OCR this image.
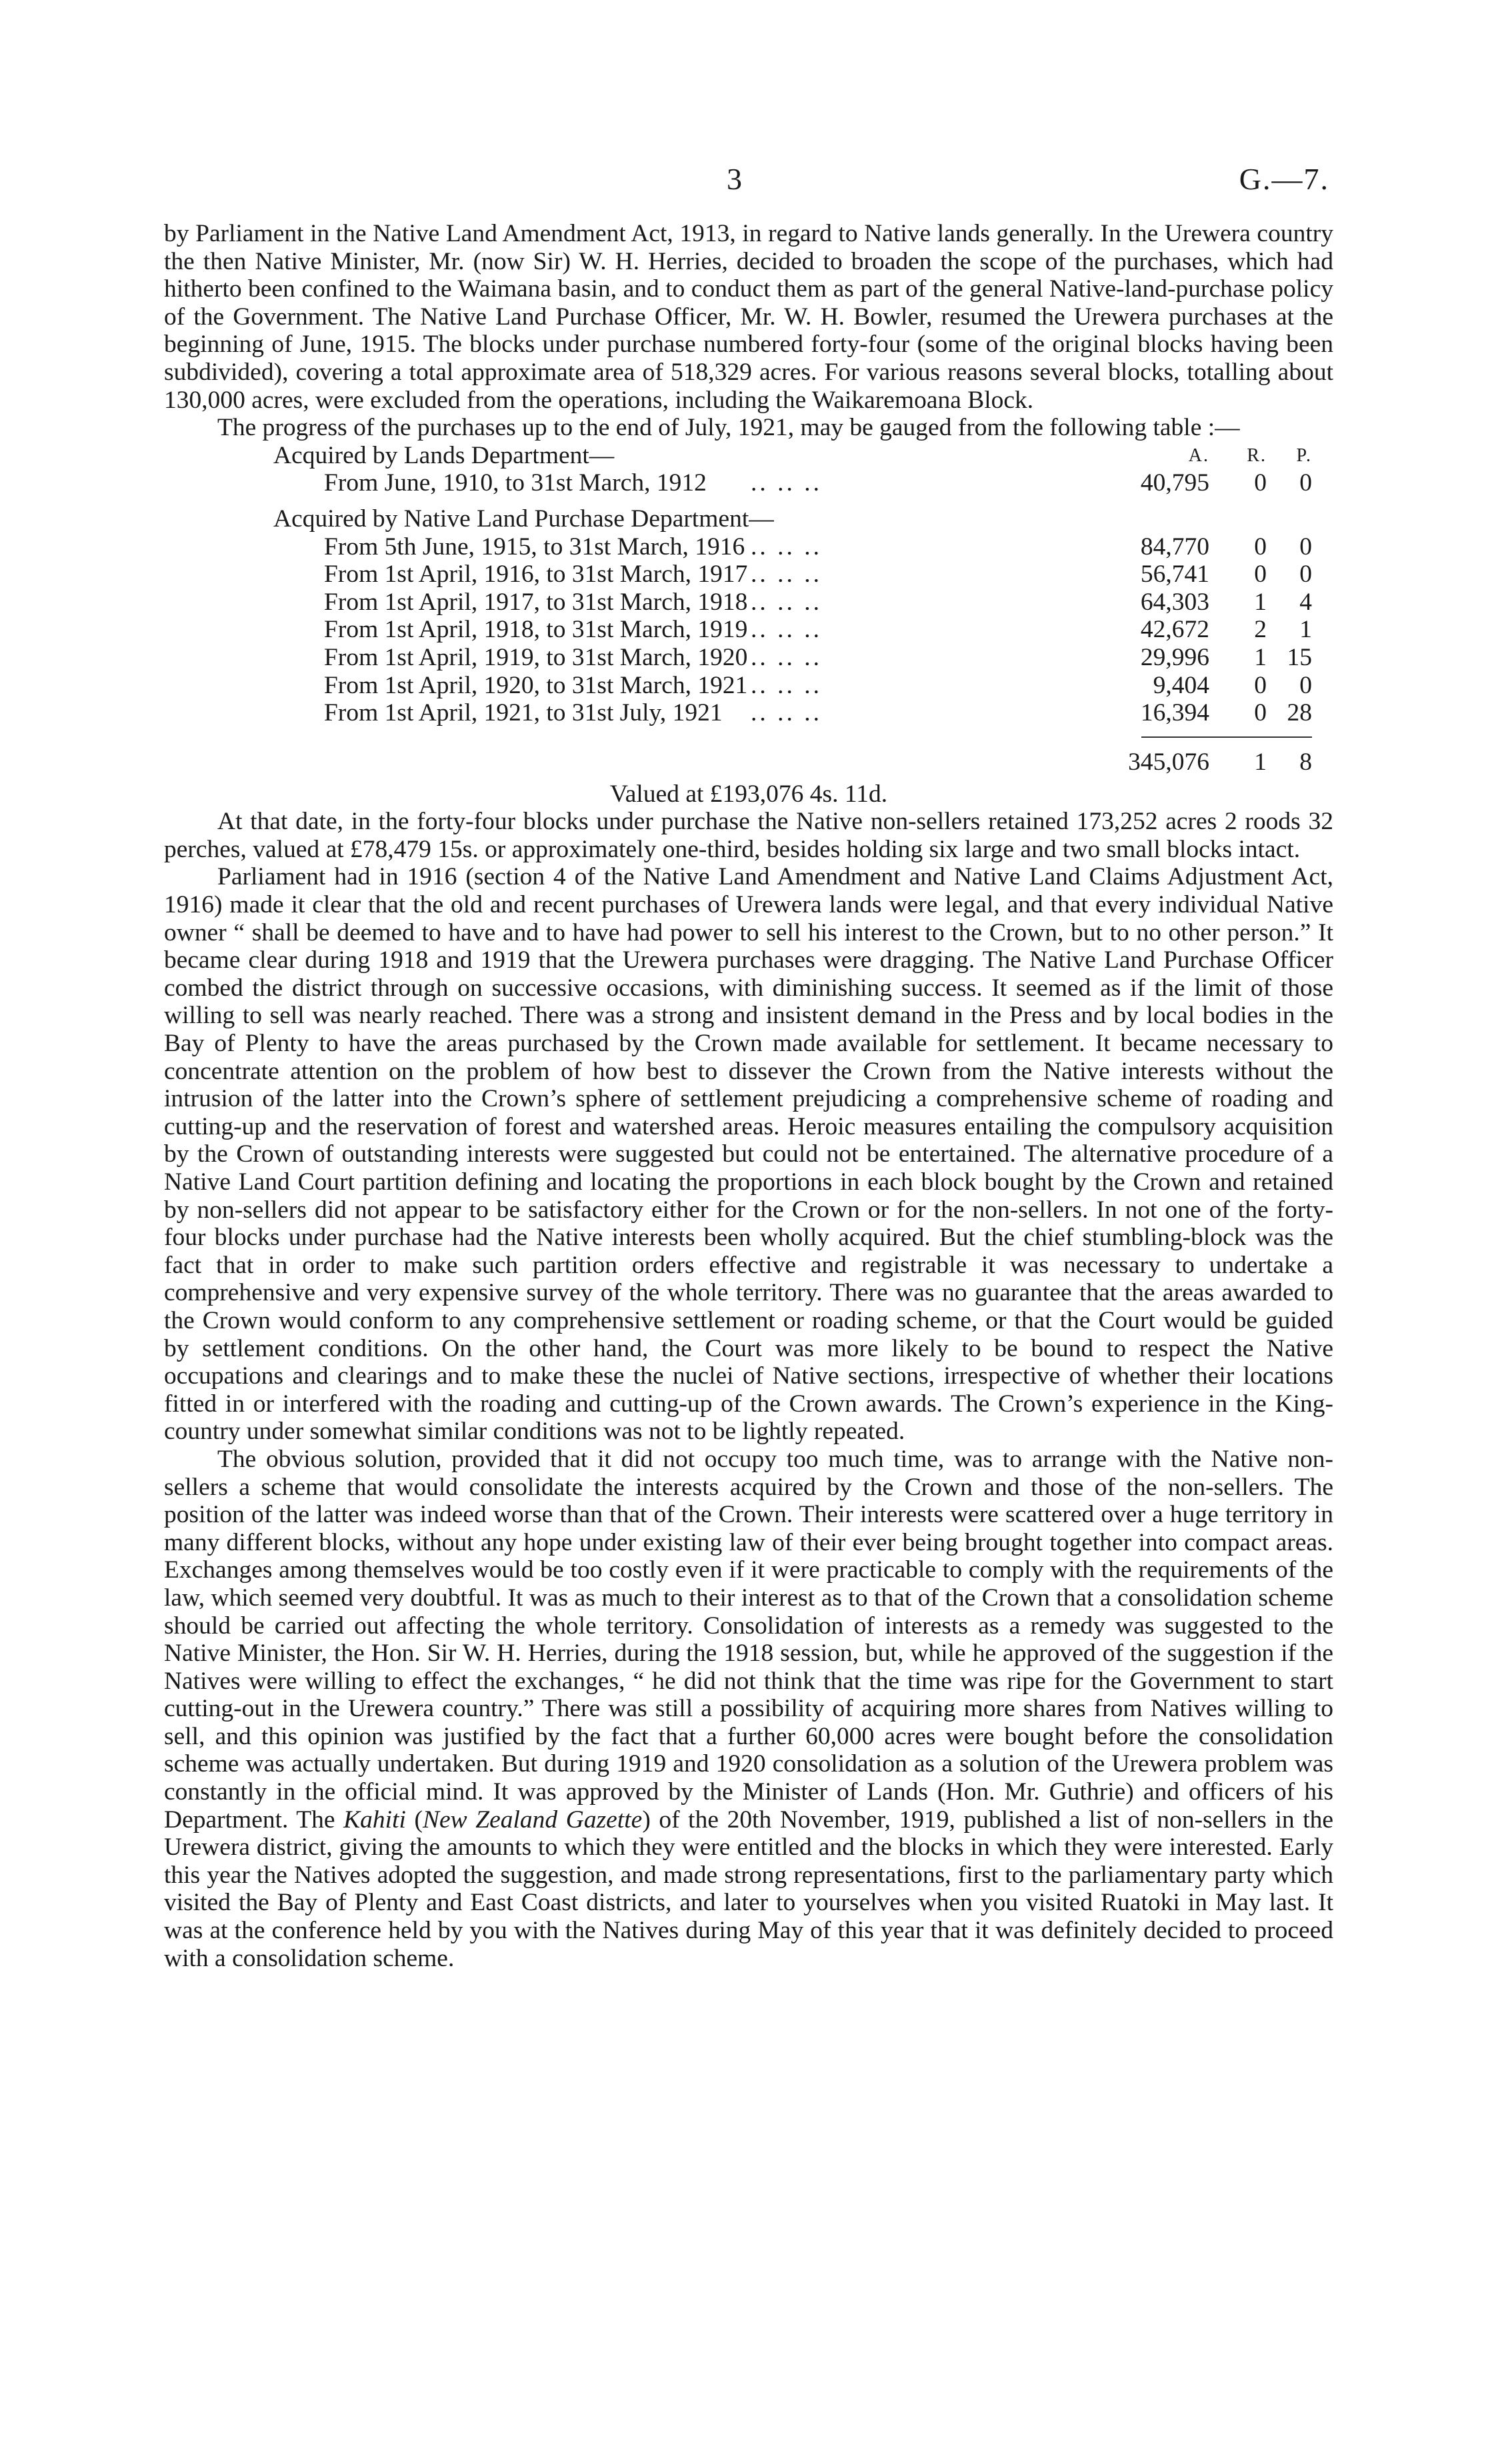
3	G.—7.

by Parliament in the Native Land Amendment Act, 1913, in regard to Native lands generally. In the Urewera country the then Native Minister, Mr. (now Sir) W. H. Herries, decided to broaden the scope of the purchases, which had hitherto been confined to the Waimana basin, and to conduct them as part of the general Native-land-purchase policy of the Government. The Native Land Purchase Officer, Mr. W. H. Bowler, resumed the Urewera purchases at the beginning of June, 1915. The blocks under purchase numbered forty-four (some of the original blocks having been subdivided), covering a total approximate area of 518,329 acres. For various reasons several blocks, totalling about 130,000 acres, were excluded from the operations, including the Waikaremoana Block.

The progress of the purchases up to the end of July, 1921, may be gauged from the following table :—

Acquired by Lands Department—	A. R. P.
From June, 1910, to 31st March, 1912 .. .. ..	40,795 0 0
Acquired by Native Land Purchase Department—
From 5th June, 1915, to 31st March, 1916 .. .. ..	84,770 0 0
From 1st April, 1916, to 31st March, 1917 .. .. ..	56,741 0 0
From 1st April, 1917, to 31st March, 1918 .. .. ..	64,303 1 4
From 1st April, 1918, to 31st March, 1919 .. .. ..	42,672 2 1
From 1st April, 1919, to 31st March, 1920 .. .. ..	29,996 1 15
From 1st April, 1920, to 31st March, 1921 .. .. ..	9,404 0 0
From 1st April, 1921, to 31st July, 1921 .. .. ..	16,394 0 28
345,076 1 8

Valued at £193,076 4s. 11d.

At that date, in the forty-four blocks under purchase the Native non-sellers retained 173,252 acres 2 roods 32 perches, valued at £78,479 15s. or approximately one-third, besides holding six large and two small blocks intact.

Parliament had in 1916 (section 4 of the Native Land Amendment and Native Land Claims Adjustment Act, 1916) made it clear that the old and recent purchases of Urewera lands were legal, and that every individual Native owner “ shall be deemed to have and to have had power to sell his interest to the Crown, but to no other person.” It became clear during 1918 and 1919 that the Urewera purchases were dragging. The Native Land Purchase Officer combed the district through on successive occasions, with diminishing success. It seemed as if the limit of those willing to sell was nearly reached. There was a strong and insistent demand in the Press and by local bodies in the Bay of Plenty to have the areas purchased by the Crown made available for settlement. It became necessary to concentrate attention on the problem of how best to dissever the Crown from the Native interests without the intrusion of the latter into the Crown’s sphere of settlement prejudicing a comprehensive scheme of roading and cutting-up and the reservation of forest and watershed areas. Heroic measures entailing the compulsory acquisition by the Crown of outstanding interests were suggested but could not be entertained. The alternative procedure of a Native Land Court partition defining and locating the proportions in each block bought by the Crown and retained by non-sellers did not appear to be satisfactory either for the Crown or for the non-sellers. In not one of the forty-four blocks under purchase had the Native interests been wholly acquired. But the chief stumbling-block was the fact that in order to make such partition orders effective and registrable it was necessary to undertake a comprehensive and very expensive survey of the whole territory. There was no guarantee that the areas awarded to the Crown would conform to any comprehensive settlement or roading scheme, or that the Court would be guided by settlement conditions. On the other hand, the Court was more likely to be bound to respect the Native occupations and clearings and to make these the nuclei of Native sections, irrespective of whether their locations fitted in or interfered with the roading and cutting-up of the Crown awards. The Crown’s experience in the King-country under somewhat similar conditions was not to be lightly repeated.

The obvious solution, provided that it did not occupy too much time, was to arrange with the Native non-sellers a scheme that would consolidate the interests acquired by the Crown and those of the non-sellers. The position of the latter was indeed worse than that of the Crown. Their interests were scattered over a huge territory in many different blocks, without any hope under existing law of their ever being brought together into compact areas. Exchanges among themselves would be too costly even if it were practicable to comply with the requirements of the law, which seemed very doubtful. It was as much to their interest as to that of the Crown that a consolidation scheme should be carried out affecting the whole territory. Consolidation of interests as a remedy was suggested to the Native Minister, the Hon. Sir W. H. Herries, during the 1918 session, but, while he approved of the suggestion if the Natives were willing to effect the exchanges, “ he did not think that the time was ripe for the Government to start cutting-out in the Urewera country.” There was still a possibility of acquiring more shares from Natives willing to sell, and this opinion was justified by the fact that a further 60,000 acres were bought before the consolidation scheme was actually undertaken. But during 1919 and 1920 consolidation as a solution of the Urewera problem was constantly in the official mind. It was approved by the Minister of Lands (Hon. Mr. Guthrie) and officers of his Department. The Kahiti (New Zealand Gazette) of the 20th November, 1919, published a list of non-sellers in the Urewera district, giving the amounts to which they were entitled and the blocks in which they were interested. Early this year the Natives adopted the suggestion, and made strong representations, first to the parliamentary party which visited the Bay of Plenty and East Coast districts, and later to yourselves when you visited Ruatoki in May last. It was at the conference held by you with the Natives during May of this year that it was definitely decided to proceed with a consolidation scheme.
